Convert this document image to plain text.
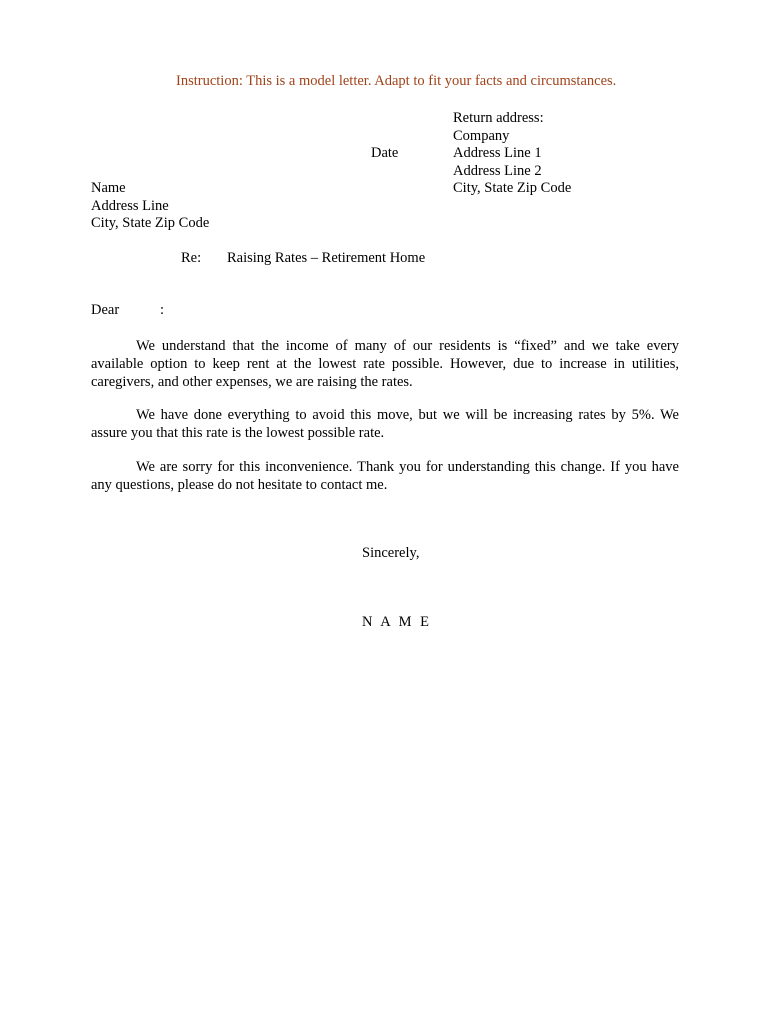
Instruction: This is a model letter. Adapt to fit your facts and circumstances.
Date
Return address:
Company
Address Line 1
Address Line 2
City, State Zip Code
Name
Address Line
City, State Zip Code
Re: Raising Rates – Retirement Home
Dear	:
We understand that the income of many of our residents is “fixed” and we take every available option to keep rent at the lowest rate possible. However, due to increase in utilities, caregivers, and other expenses, we are raising the rates.
We have done everything to avoid this move, but we will be increasing rates by 5%. We assure you that this rate is the lowest possible rate.
We are sorry for this inconvenience. Thank you for understanding this change. If you have any questions, please do not hesitate to contact me.
Sincerely,
N A M E
